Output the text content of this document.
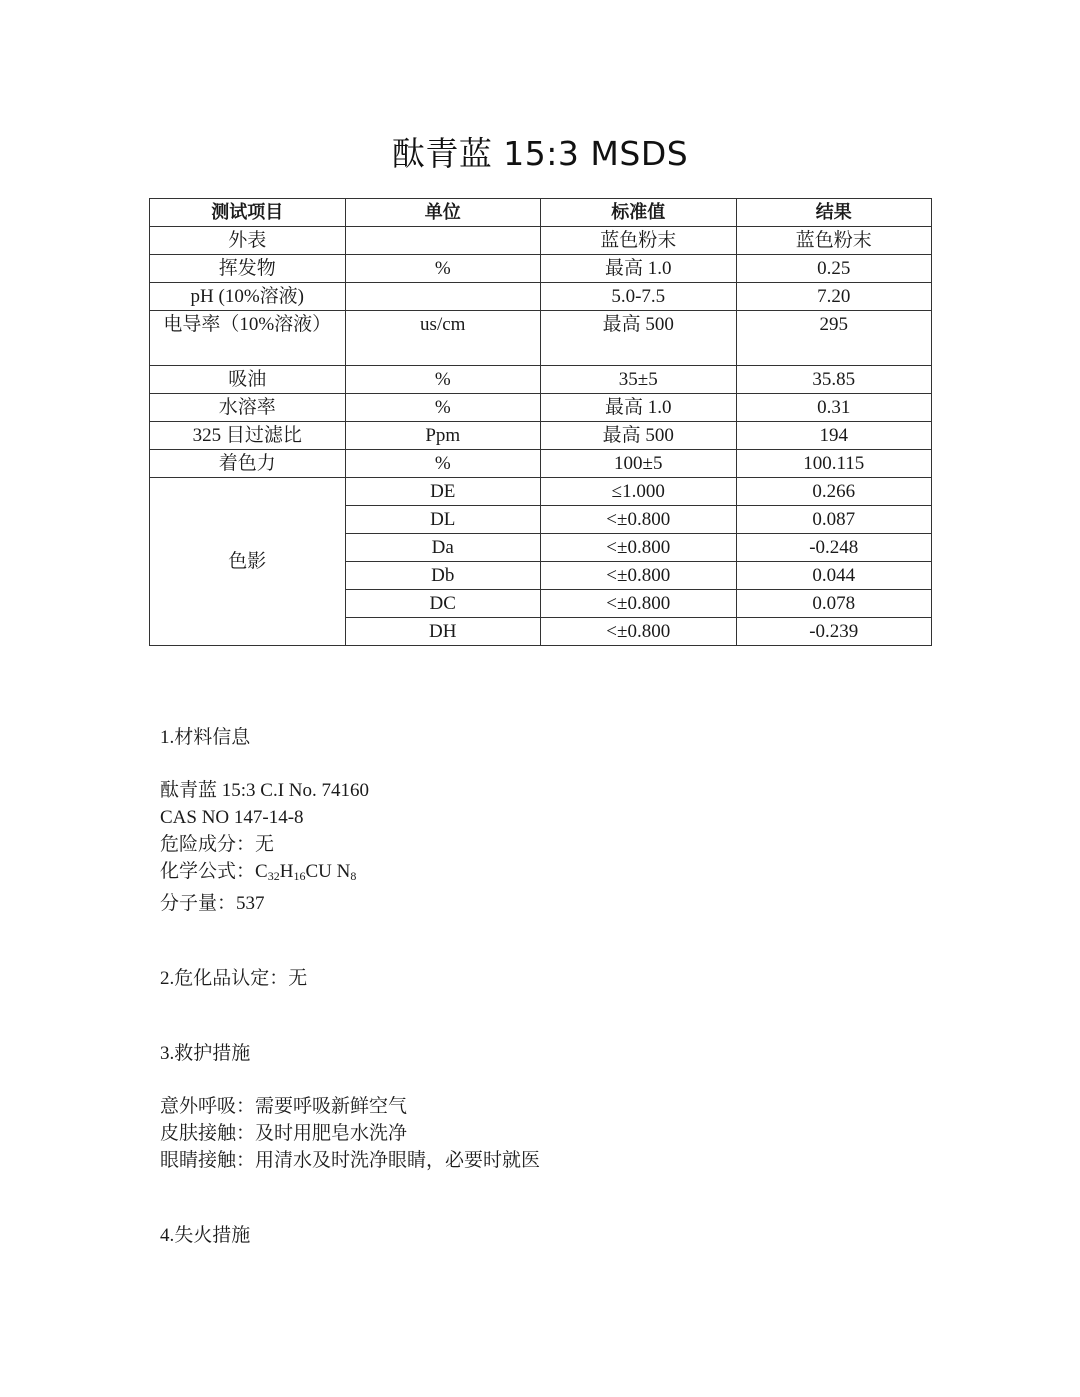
酞青蓝 15:3 MSDS
测试项目	单位	标准值	结果
外表		蓝色粉末	蓝色粉末
挥发物	%	最高 1.0	0.25
pH (10%溶液)		5.0-7.5	7.20
电导率（10%溶液）	us/cm	最高 500	295
吸油	%	35±5	35.85
水溶率	%	最高 1.0	0.31
325 目过滤比	Ppm	最高 500	194
着色力	%	100±5	100.115
色影	DE	≤1.000	0.266
	DL	<±0.800	0.087
	Da	<±0.800	-0.248
	Db	<±0.800	0.044
	DC	<±0.800	0.078
	DH	<±0.800	-0.239
1.材料信息
酞青蓝 15:3 C.I No. 74160
CAS NO 147-14-8
危险成分：无
化学公式：$C_{32}H_{16}CU$ $N_8$
分子量：537
2.危化品认定：无
3.救护措施
意外呼吸：需要呼吸新鲜空气
皮肤接触：及时用肥皂水洗净
眼睛接触：用清水及时洗净眼睛，必要时就医
4.失火措施
